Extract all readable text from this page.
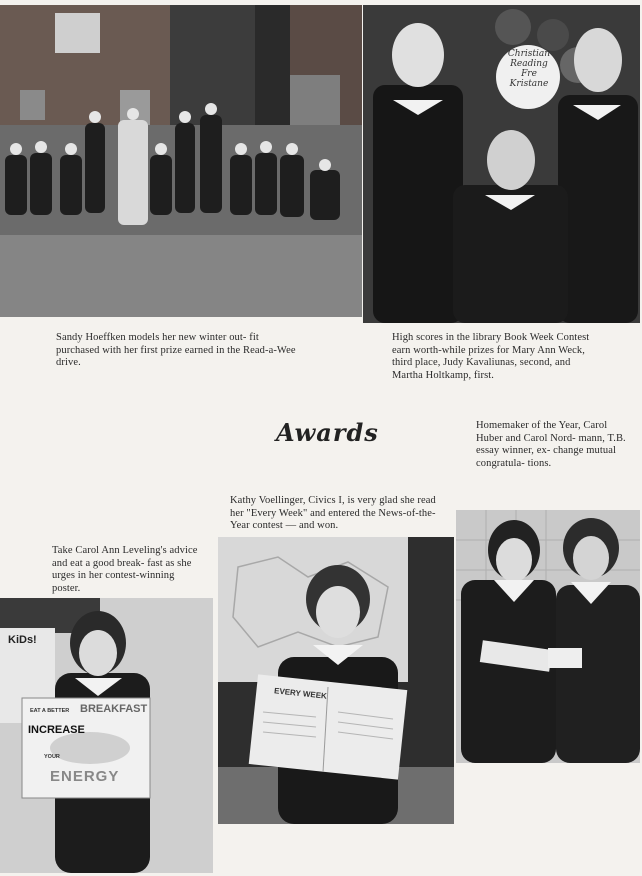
Sandy Hoeffken models her new winter out- fit purchased with her first prize earned in the Read-a-Wee drive.

Christian
Reading
Fre
Kristane

High scores in the library Book Week Contest earn worth-while prizes for Mary Ann Weck, third place, Judy Kavaliunas, second, and Martha Holtkamp, first.

Awards	Homemaker of the Year, Carol Huber and Carol Nord- mann, T.B. essay winner, ex- change mutual congratula- tions.

Kathy Voellinger, Civics I, is very glad she read her "Every Week" and entered the News-of-the-Year contest — and won.

Take Carol Ann Leveling's advice and eat a good break- fast as she urges in her contest-winning poster.

EVERY WEEK
KiDs!
EAT A BETTER BREAKFAST
INCREASE
YOUR
ENERGY
